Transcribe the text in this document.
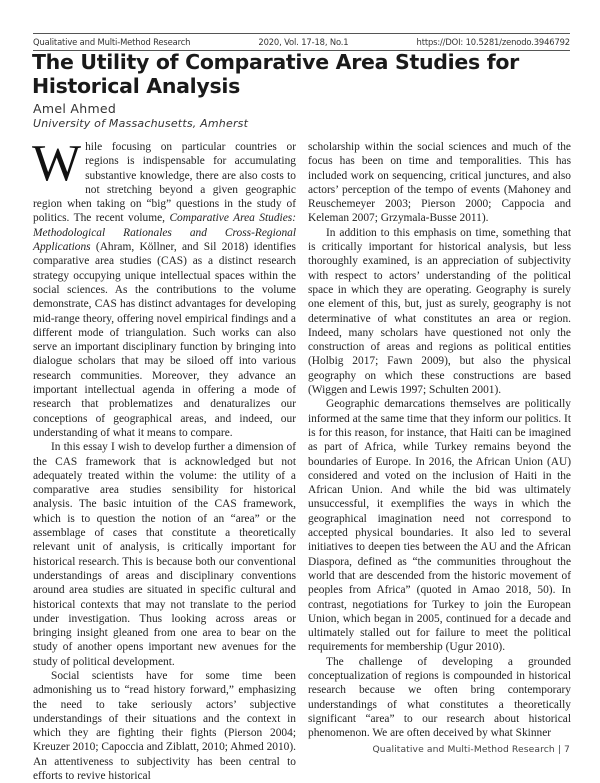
Qualitative and Multi-Method Research	2020, Vol. 17-18, No.1	https://DOI: 10.5281/zenodo.3946792
The Utility of Comparative Area Studies for Historical Analysis
Amel Ahmed
University of Massachusetts, Amherst

While focusing on particular countries or regions is indispensable for accumulating substantive knowledge, there are also costs to not stretching beyond a given geographic region when taking on “big” questions in the study of politics. The recent volume, Comparative Area Studies: Methodological Rationales and Cross-Regional Applications (Ahram, Köllner, and Sil 2018) identifies comparative area studies (CAS) as a distinct research strategy occupying unique intellectual spaces within the social sciences. As the contributions to the volume demonstrate, CAS has distinct advantages for developing mid-range theory, offering novel empirical findings and a different mode of triangulation. Such works can also serve an important disciplinary function by bringing into dialogue scholars that may be siloed off into various research communities. Moreover, they advance an important intellectual agenda in offering a mode of research that problematizes and denaturalizes our conceptions of geographical areas, and indeed, our understanding of what it means to compare.

In this essay I wish to develop further a dimension of the CAS framework that is acknowledged but not adequately treated within the volume: the utility of a comparative area studies sensibility for historical analysis. The basic intuition of the CAS framework, which is to question the notion of an “area” or the assemblage of cases that constitute a theoretically relevant unit of analysis, is critically important for historical research. This is because both our conventional understandings of areas and disciplinary conventions around area studies are situated in specific cultural and historical contexts that may not translate to the period under investigation. Thus looking across areas or bringing insight gleaned from one area to bear on the study of another opens important new avenues for the study of political development.

Social scientists have for some time been admonishing us to “read history forward,” emphasizing the need to take seriously actors’ subjective understandings of their situations and the context in which they are fighting their fights (Pierson 2004; Kreuzer 2010; Capoccia and Ziblatt, 2010; Ahmed 2010). An attentiveness to subjectivity has been central to efforts to revive historical

scholarship within the social sciences and much of the focus has been on time and temporalities. This has included work on sequencing, critical junctures, and also actors’ perception of the tempo of events (Mahoney and Reuschemeyer 2003; Pierson 2000; Cappocia and Keleman 2007; Grzymala-Busse 2011).

In addition to this emphasis on time, something that is critically important for historical analysis, but less thoroughly examined, is an appreciation of subjectivity with respect to actors’ understanding of the political space in which they are operating. Geography is surely one element of this, but, just as surely, geography is not determinative of what constitutes an area or region. Indeed, many scholars have questioned not only the construction of areas and regions as political entities (Holbig 2017; Fawn 2009), but also the physical geography on which these constructions are based (Wiggen and Lewis 1997; Schulten 2001).

Geographic demarcations themselves are politically informed at the same time that they inform our politics. It is for this reason, for instance, that Haiti can be imagined as part of Africa, while Turkey remains beyond the boundaries of Europe. In 2016, the African Union (AU) considered and voted on the inclusion of Haiti in the African Union. And while the bid was ultimately unsuccessful, it exemplifies the ways in which the geographical imagination need not correspond to accepted physical boundaries. It also led to several initiatives to deepen ties between the AU and the African Diaspora, defined as “the communities throughout the world that are descended from the historic movement of peoples from Africa” (quoted in Amao 2018, 50). In contrast, negotiations for Turkey to join the European Union, which began in 2005, continued for a decade and ultimately stalled out for failure to meet the political requirements for membership (Ugur 2010).

The challenge of developing a grounded conceptualization of regions is compounded in historical research because we often bring contemporary understandings of what constitutes a theoretically significant “area” to our research about historical phenomenon. We are often deceived by what Skinner

Qualitative and Multi-Method Research | 7
